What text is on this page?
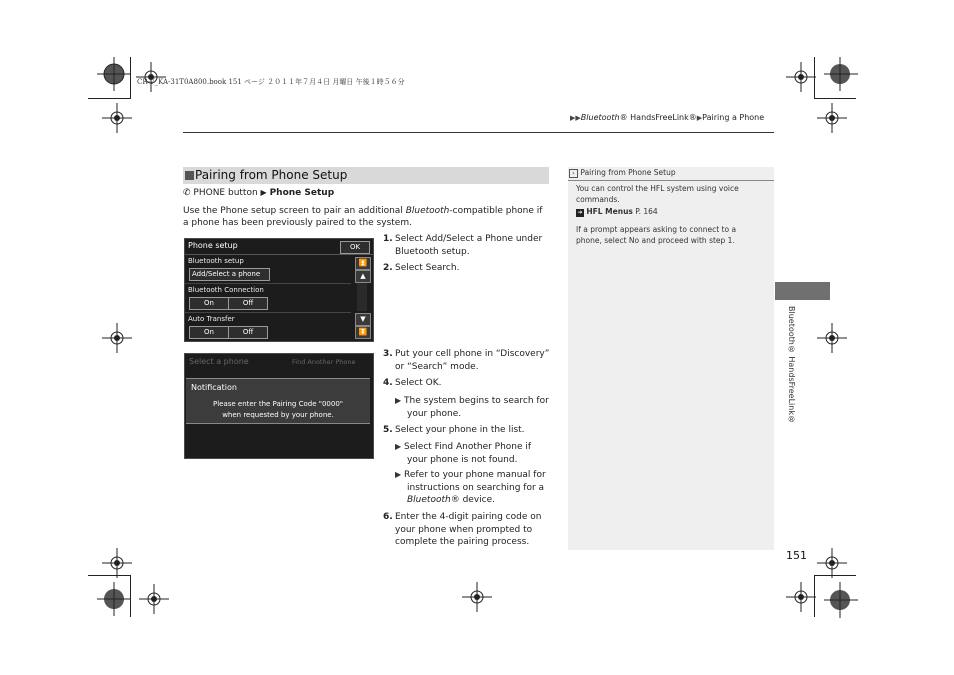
CR-V_KA-31T0A800.book 151 ページ ２０１１年７月４日 月曜日 午後１時５６分
▶▶Bluetooth® HandsFreeLink®▶Pairing a Phone
Pairing from Phone Setup
✆ PHONE button ▶ Phone Setup
Use the Phone setup screen to pair an additional Bluetooth-compatible phone if a phone has been previously paired to the system.
Phone setup	OK
Bluetooth setup
Add/Select a phone
Bluetooth Connection
On	Off
Auto Transfer
On	Off
⏫
▲
▼
⏬
Select a phone	Find Another Phone
Notification
Please enter the Pairing Code "0000"
when requested by your phone.
1. Select Add/Select a Phone under
Bluetooth setup.
2. Select Search.
3. Put your cell phone in “Discovery”
or “Search” mode.
4. Select OK.
▶ The system begins to search for
your phone.
5. Select your phone in the list.
▶ Select Find Another Phone if
your phone is not found.
▶ Refer to your phone manual for
instructions on searching for a
Bluetooth® device.
6. Enter the 4-digit pairing code on
your phone when prompted to
complete the pairing process.
› Pairing from Phone Setup
You can control the HFL system using voice
commands.
➔ HFL Menus P. 164
If a prompt appears asking to connect to a
phone, select No and proceed with step 1.
Bluetooth® HandsFreeLink®
151
